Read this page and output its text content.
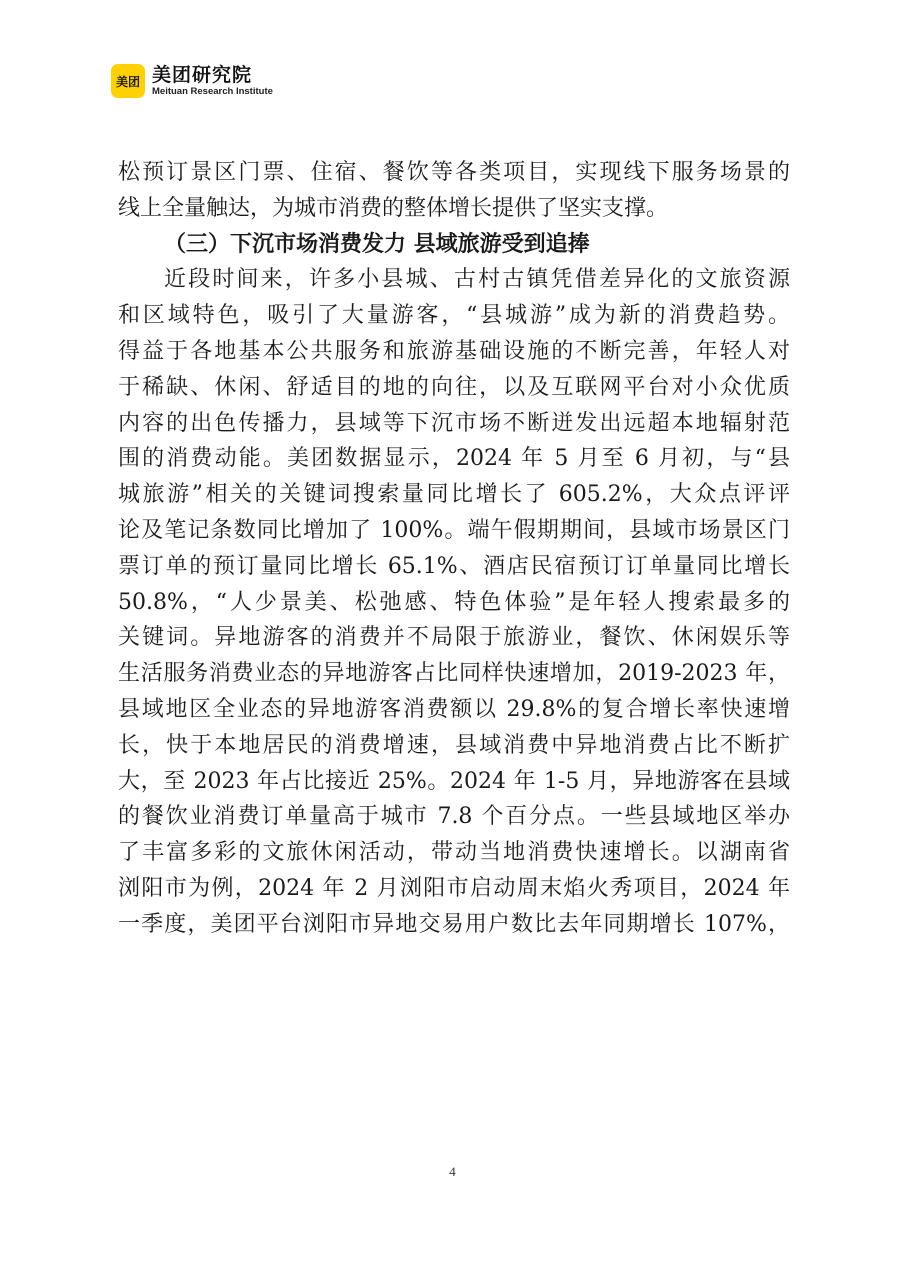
美团 美团研究院
Meituan Research Institute
松预订景区门票、住宿、餐饮等各类项目，实现线下服务场景的
线上全量触达，为城市消费的整体增长提供了坚实支撑。
（三）下沉市场消费发力 县域旅游受到追捧
近段时间来，许多小县城、古村古镇凭借差异化的文旅资源
和区域特色，吸引了大量游客，“县城游”成为新的消费趋势。
得益于各地基本公共服务和旅游基础设施的不断完善，年轻人对
于稀缺、休闲、舒适目的地的向往，以及互联网平台对小众优质
内容的出色传播力，县域等下沉市场不断迸发出远超本地辐射范
围的消费动能。美团数据显示，2024 年 5 月至 6 月初，与“县
城旅游”相关的关键词搜索量同比增长了 605.2%，大众点评评
论及笔记条数同比增加了 100%。端午假期期间，县域市场景区门
票订单的预订量同比增长 65.1%、酒店民宿预订订单量同比增长
50.8%，“人少景美、松弛感、特色体验”是年轻人搜索最多的
关键词。异地游客的消费并不局限于旅游业，餐饮、休闲娱乐等
生活服务消费业态的异地游客占比同样快速增加，2019-2023 年，
县域地区全业态的异地游客消费额以 29.8%的复合增长率快速增
长，快于本地居民的消费增速，县域消费中异地消费占比不断扩
大，至 2023 年占比接近 25%。2024 年 1-5 月，异地游客在县域
的餐饮业消费订单量高于城市 7.8 个百分点。一些县域地区举办
了丰富多彩的文旅休闲活动，带动当地消费快速增长。以湖南省
浏阳市为例，2024 年 2 月浏阳市启动周末焰火秀项目，2024 年
一季度，美团平台浏阳市异地交易用户数比去年同期增长 107%，
4
